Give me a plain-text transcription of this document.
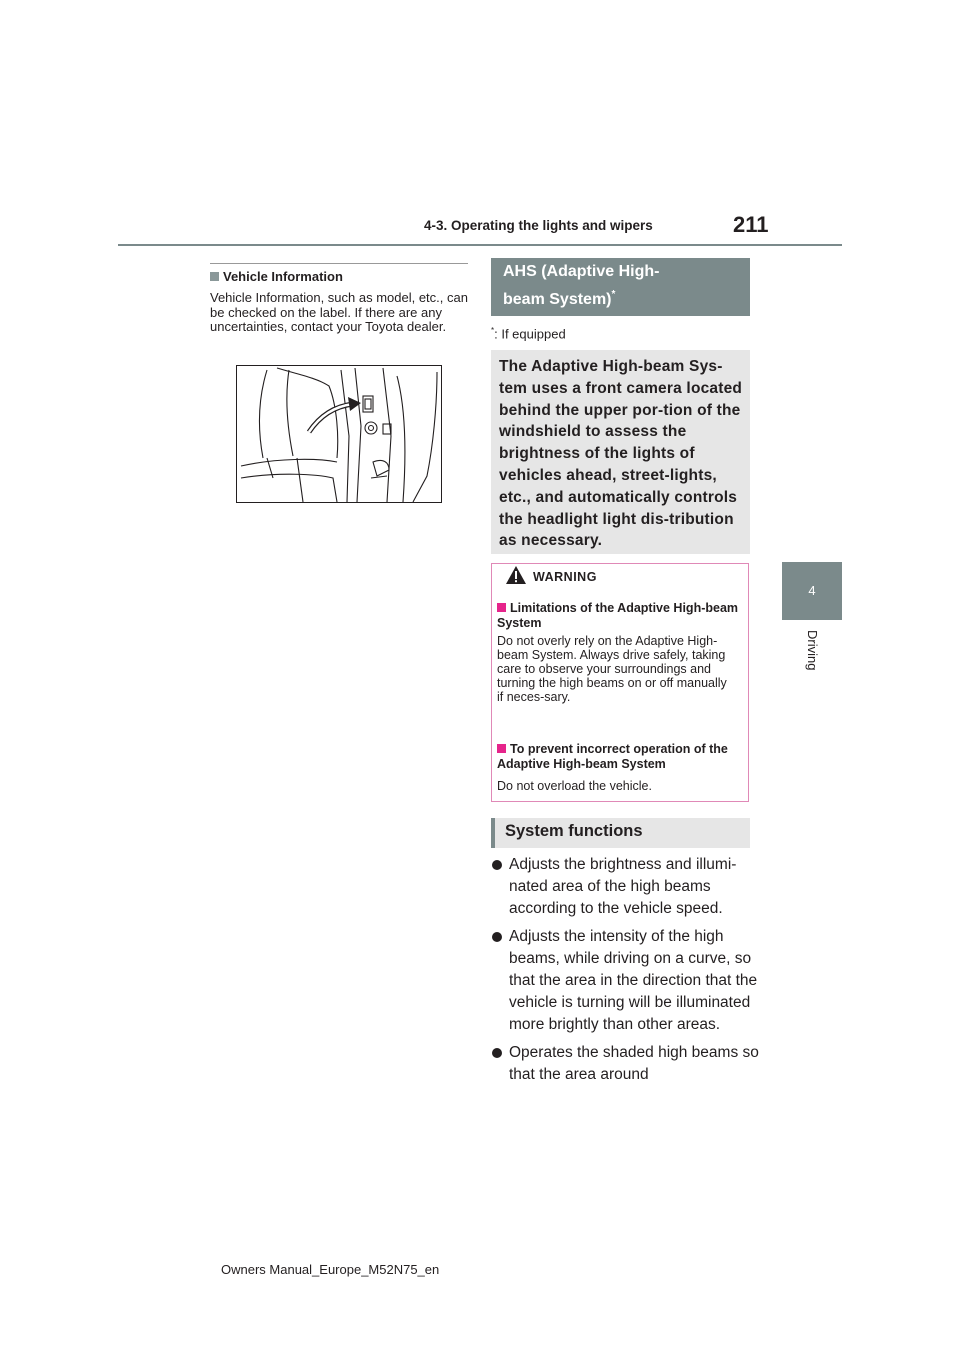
4-3. Operating the lights and wipers	211
4
Driving
Vehicle Information
Vehicle Information, such as model, etc., can be checked on the label. If there are any uncertainties, contact your Toyota dealer.
AHS (Adaptive High-
beam System)*
*: If equipped
The Adaptive High-beam Sys-tem uses a front camera located behind the upper por-tion of the windshield to assess the brightness of the lights of vehicles ahead, street-lights, etc., and automatically controls the headlight light dis-tribution as necessary.
WARNING
Limitations of the Adaptive High-beam System
Do not overly rely on the Adaptive High-beam System. Always drive safely, taking care to observe your surroundings and turning the high beams on or off manually if neces-sary.
To prevent incorrect operation of the Adaptive High-beam System
Do not overload the vehicle.
System functions
Adjusts the brightness and illumi-nated area of the high beams according to the vehicle speed.
Adjusts the intensity of the high beams, while driving on a curve, so that the area in the direction that the vehicle is turning will be illuminated more brightly than other areas.
Operates the shaded high beams so that the area around
Owners Manual_Europe_M52N75_en
